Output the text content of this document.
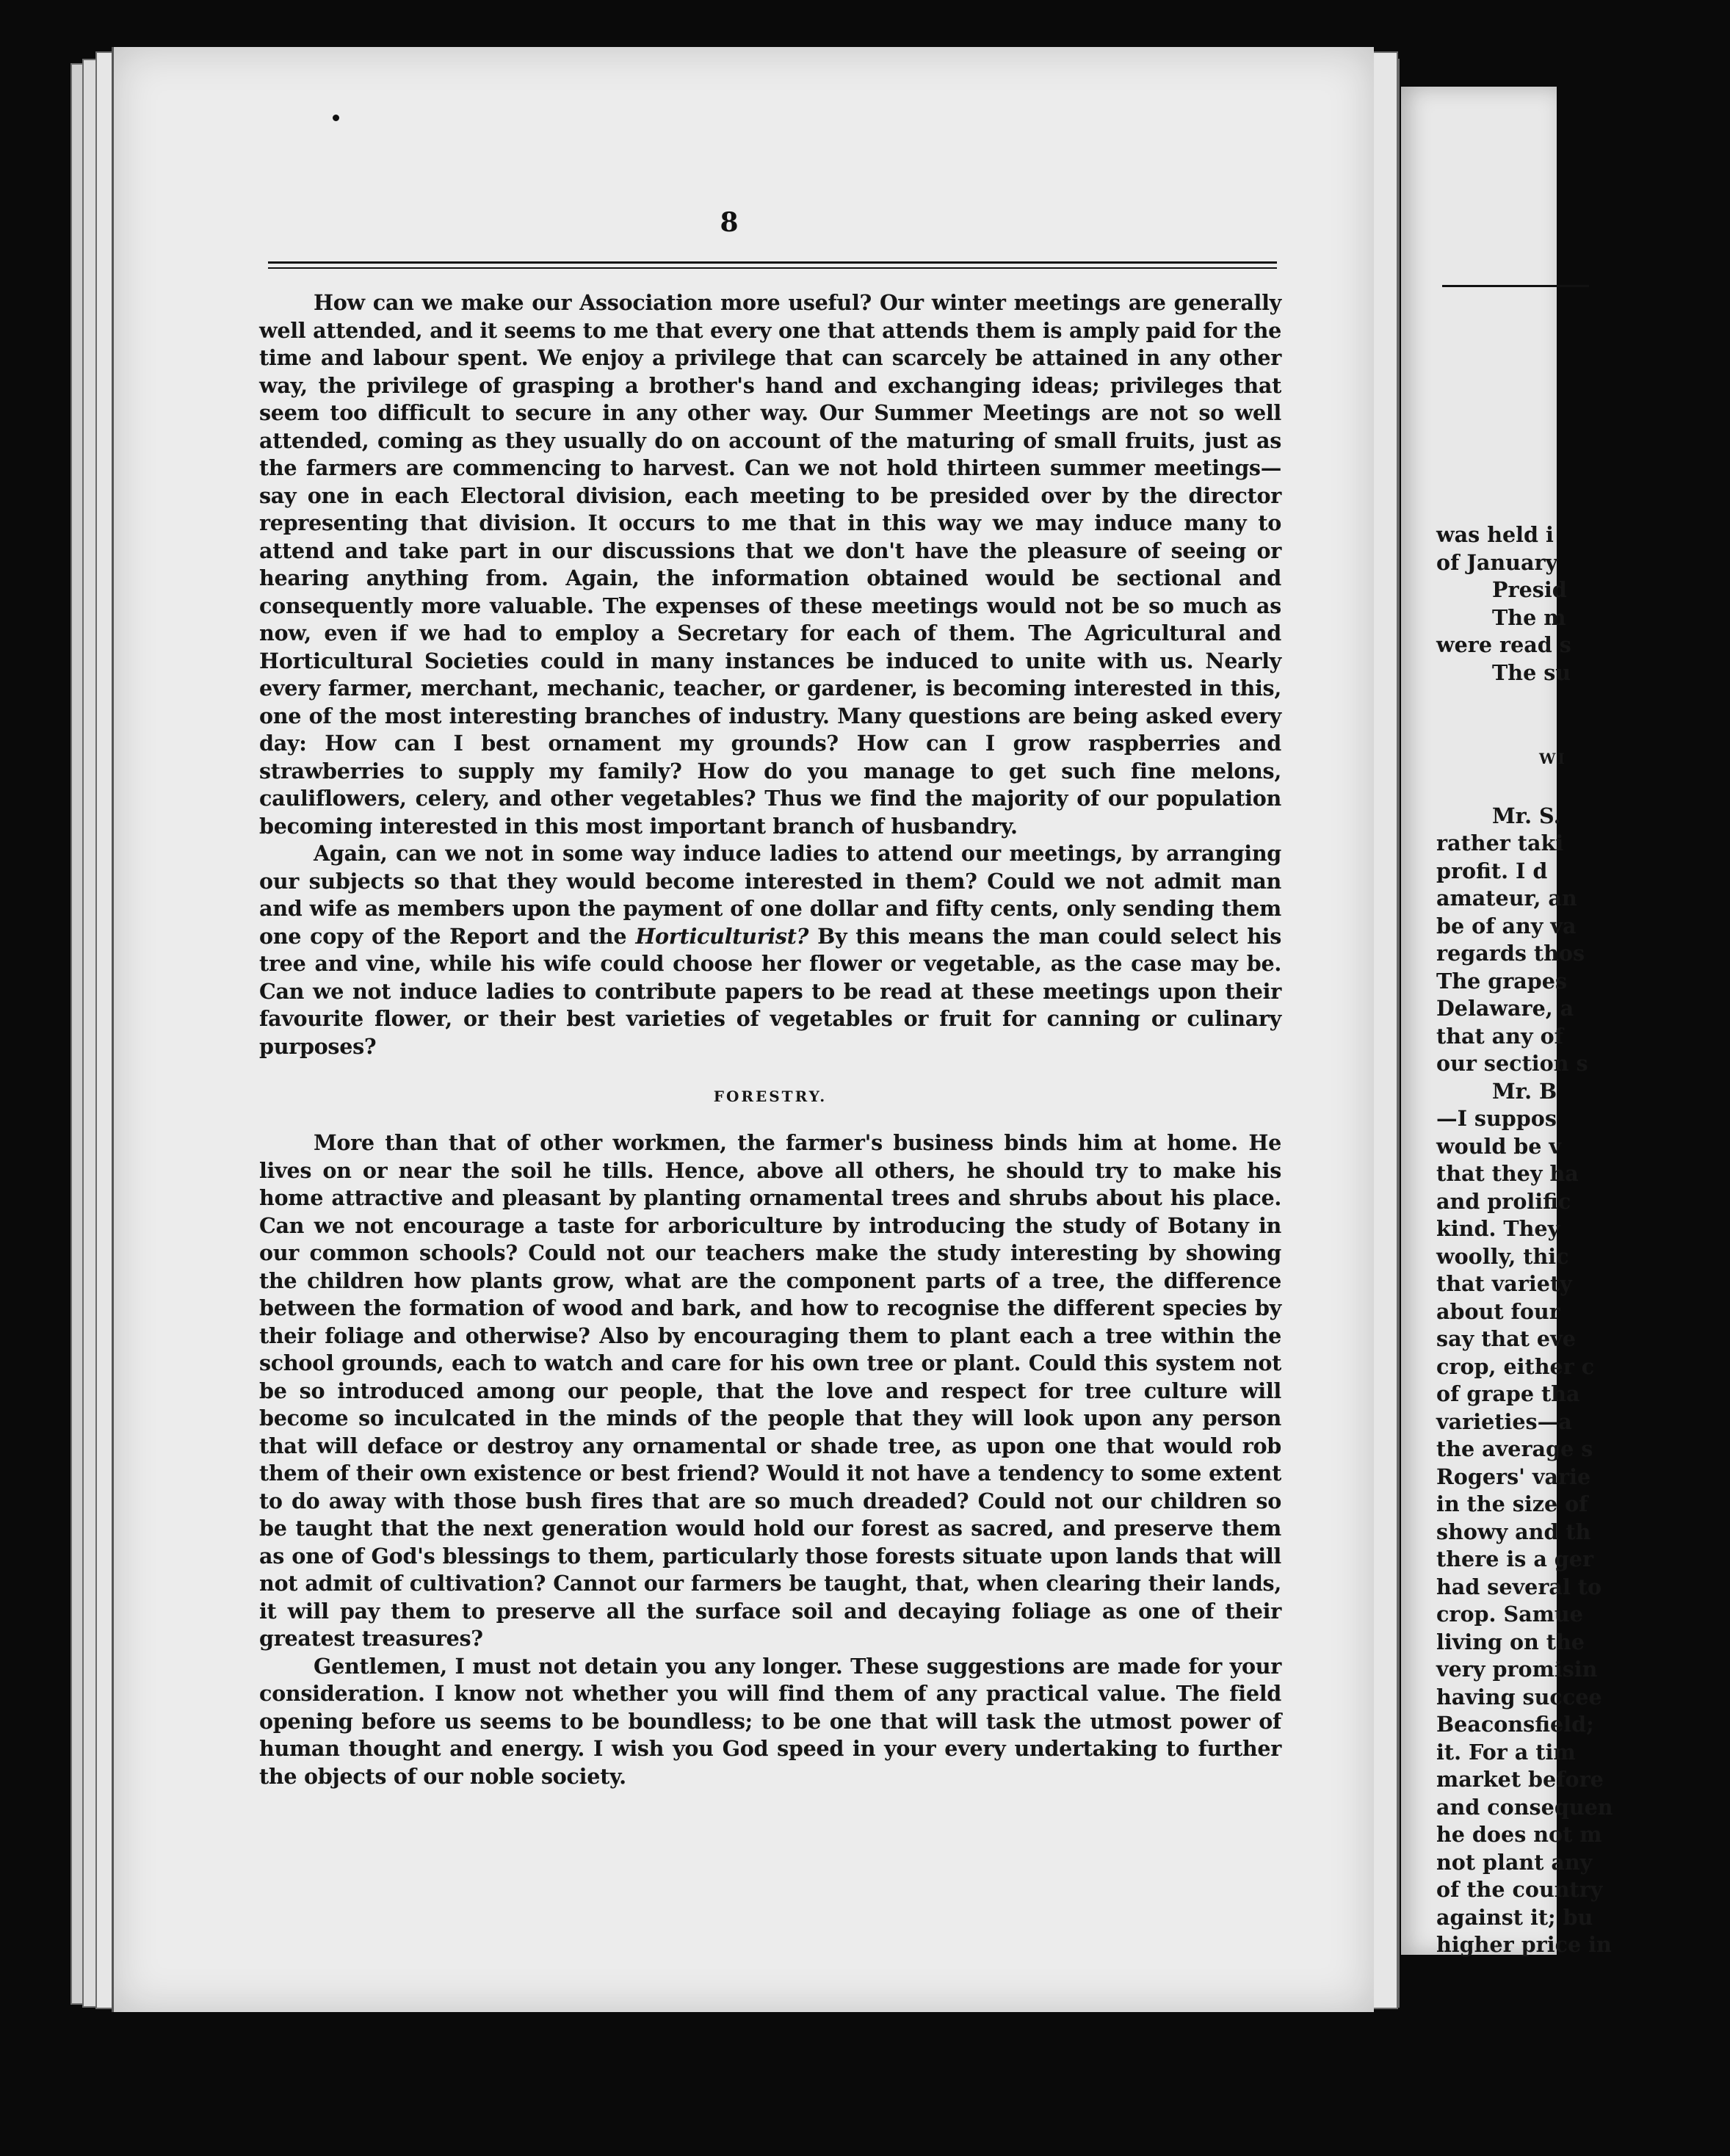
8

How can we make our Association more useful? Our winter meetings are generally well attended, and it seems to me that every one that attends them is amply paid for the time and labour spent. We enjoy a privilege that can scarcely be attained in any other way, the privilege of grasping a brother's hand and exchanging ideas; privileges that seem too difficult to secure in any other way. Our Summer Meetings are not so well attended, coming as they usually do on account of the maturing of small fruits, just as the farmers are commencing to harvest. Can we not hold thirteen summer meetings—say one in each Electoral division, each meeting to be presided over by the director representing that division. It occurs to me that in this way we may induce many to attend and take part in our discussions that we don't have the pleasure of seeing or hearing anything from. Again, the information obtained would be sectional and consequently more valuable. The expenses of these meetings would not be so much as now, even if we had to employ a Secretary for each of them. The Agricultural and Horticultural Societies could in many instances be induced to unite with us. Nearly every farmer, merchant, mechanic, teacher, or gardener, is becoming interested in this, one of the most interesting branches of industry. Many questions are being asked every day: How can I best ornament my grounds? How can I grow raspberries and strawberries to supply my family? How do you manage to get such fine melons, cauliflowers, celery, and other vegetables? Thus we find the majority of our population becoming interested in this most important branch of husbandry.

Again, can we not in some way induce ladies to attend our meetings, by arranging our subjects so that they would become interested in them? Could we not admit man and wife as members upon the payment of one dollar and fifty cents, only sending them one copy of the Report and the Horticulturist? By this means the man could select his tree and vine, while his wife could choose her flower or vegetable, as the case may be. Can we not induce ladies to contribute papers to be read at these meetings upon their favourite flower, or their best varieties of vegetables or fruit for canning or culinary purposes?

FORESTRY.

More than that of other workmen, the farmer's business binds him at home. He lives on or near the soil he tills. Hence, above all others, he should try to make his home attractive and pleasant by planting ornamental trees and shrubs about his place. Can we not encourage a taste for arboriculture by introducing the study of Botany in our common schools? Could not our teachers make the study interesting by showing the children how plants grow, what are the component parts of a tree, the difference between the formation of wood and bark, and how to recognise the different species by their foliage and otherwise? Also by encouraging them to plant each a tree within the school grounds, each to watch and care for his own tree or plant. Could this system not be so introduced among our people, that the love and respect for tree culture will become so inculcated in the minds of the people that they will look upon any person that will deface or destroy any ornamental or shade tree, as upon one that would rob them of their own existence or best friend? Would it not have a tendency to some extent to do away with those bush fires that are so much dreaded? Could not our children so be taught that the next generation would hold our forest as sacred, and preserve them as one of God's blessings to them, particularly those forests situate upon lands that will not admit of cultivation? Cannot our farmers be taught, that, when clearing their lands, it will pay them to preserve all the surface soil and decaying foliage as one of their greatest treasures?

Gentlemen, I must not detain you any longer. These suggestions are made for your consideration. I know not whether you will find them of any practical value. The field opening before us seems to be boundless; to be one that will task the utmost power of human thought and energy. I wish you God speed in your every undertaking to further the objects of our noble society.

was held i
of January
Presid
The m
were read s
The su
WI
Mr. S.
rather taki
profit. I d
amateur, an
be of any va
regards thos
The grapes
Delaware, a
that any of
our section s
Mr. B
—I suppos
would be v
that they ha
and prolific
kind. They
woolly, thic
that variety
about four
say that eve
crop, either c
of grape tha
varieties—a
the average s
Rogers' varie
in the size of
showy and th
there is a ger
had several to
crop. Samue
living on the
very promisin
having succee
Beaconsfield;
it. For a tim
market before
and consequen
he does not m
not plant any
of the country
against it; bu
higher price in
